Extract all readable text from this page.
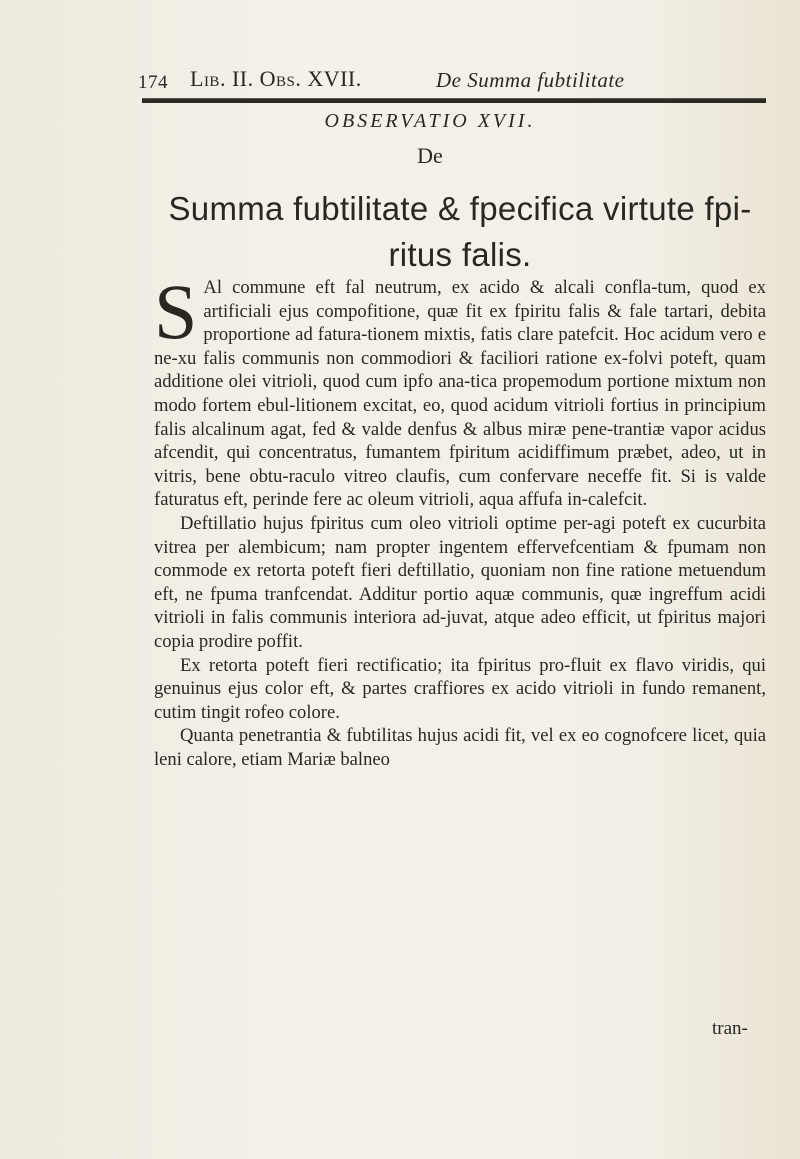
174 Lib. II. Obs. XVII.	De Summa fubtilitate
OBSERVATIO XVII.
De
Summa fubtilitate & fpecifica virtute fpi-ritus falis.

S Al commune eft fal neutrum, ex acido & alcali confla-tum, quod ex artificiali ejus compofitione, quæ fit ex fpiritu falis & fale tartari, debita proportione ad fatura-tionem mixtis, fatis clare patefcit. Hoc acidum vero e ne-xu falis communis non commodiori & faciliori ratione ex-folvi poteft, quam additione olei vitrioli, quod cum ipfo ana-tica propemodum portione mixtum non modo fortem ebul-litionem excitat, eo, quod acidum vitrioli fortius in principium falis alcalinum agat, fed & valde denfus & albus miræ pene-trantiæ vapor acidus afcendit, qui concentratus, fumantem fpiritum acidiffimum præbet, adeo, ut in vitris, bene obtu-raculo vitreo claufis, cum confervare neceffe fit. Si is valde faturatus eft, perinde fere ac oleum vitrioli, aqua affufa in-calefcit.

Deftillatio hujus fpiritus cum oleo vitrioli optime per-agi poteft ex cucurbita vitrea per alembicum; nam propter ingentem effervefcentiam & fpumam non commode ex retorta poteft fieri deftillatio, quoniam non fine ratione metuendum eft, ne fpuma tranfcendat. Additur portio aquæ communis, quæ ingreffum acidi vitrioli in falis communis interiora ad-juvat, atque adeo efficit, ut fpiritus majori copia prodire poffit.

Ex retorta poteft fieri rectificatio; ita fpiritus pro-fluit ex flavo viridis, qui genuinus ejus color eft, & partes craffiores ex acido vitrioli in fundo remanent, cutim tingit rofeo colore.

Quanta penetrantia & fubtilitas hujus acidi fit, vel ex eo cognofcere licet, quia leni calore, etiam Mariæ balneo

tran-
